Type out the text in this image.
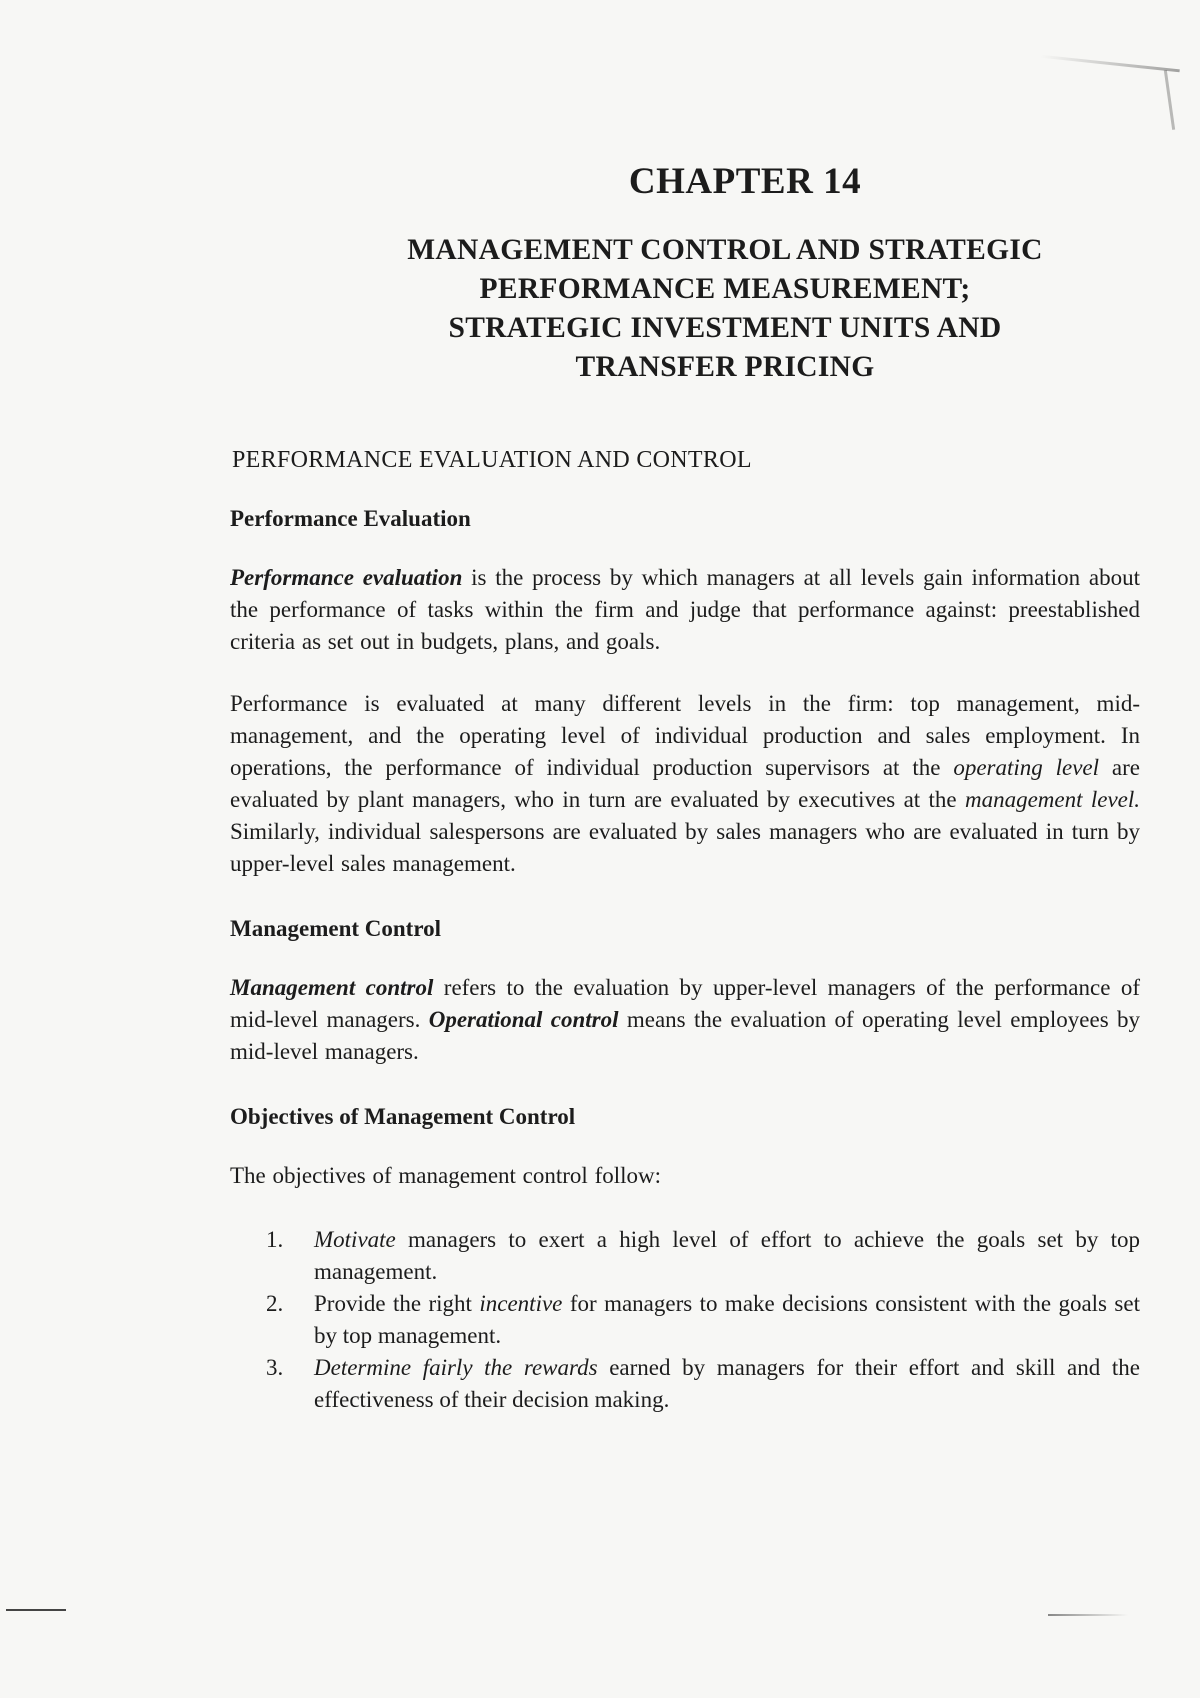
CHAPTER 14
MANAGEMENT CONTROL AND STRATEGIC
PERFORMANCE MEASUREMENT;
STRATEGIC INVESTMENT UNITS AND
TRANSFER PRICING
PERFORMANCE EVALUATION AND CONTROL
Performance Evaluation

Performance evaluation is the process by which managers at all levels gain information about the performance of tasks within the firm and judge that performance against: preestablished criteria as set out in budgets, plans, and goals.

Performance is evaluated at many different levels in the firm: top management, mid-management, and the operating level of individual production and sales employment. In operations, the performance of individual production supervisors at the operating level are evaluated by plant managers, who in turn are evaluated by executives at the management level. Similarly, individual salespersons are evaluated by sales managers who are evaluated in turn by upper-level sales management.

Management Control

Management control refers to the evaluation by upper-level managers of the performance of mid-level managers. Operational control means the evaluation of operating level employees by mid-level managers.

Objectives of Management Control

The objectives of management control follow:

1. Motivate managers to exert a high level of effort to achieve the goals set by top management.
2. Provide the right incentive for managers to make decisions consistent with the goals set by top management.
3. Determine fairly the rewards earned by managers for their effort and skill and the effectiveness of their decision making.
